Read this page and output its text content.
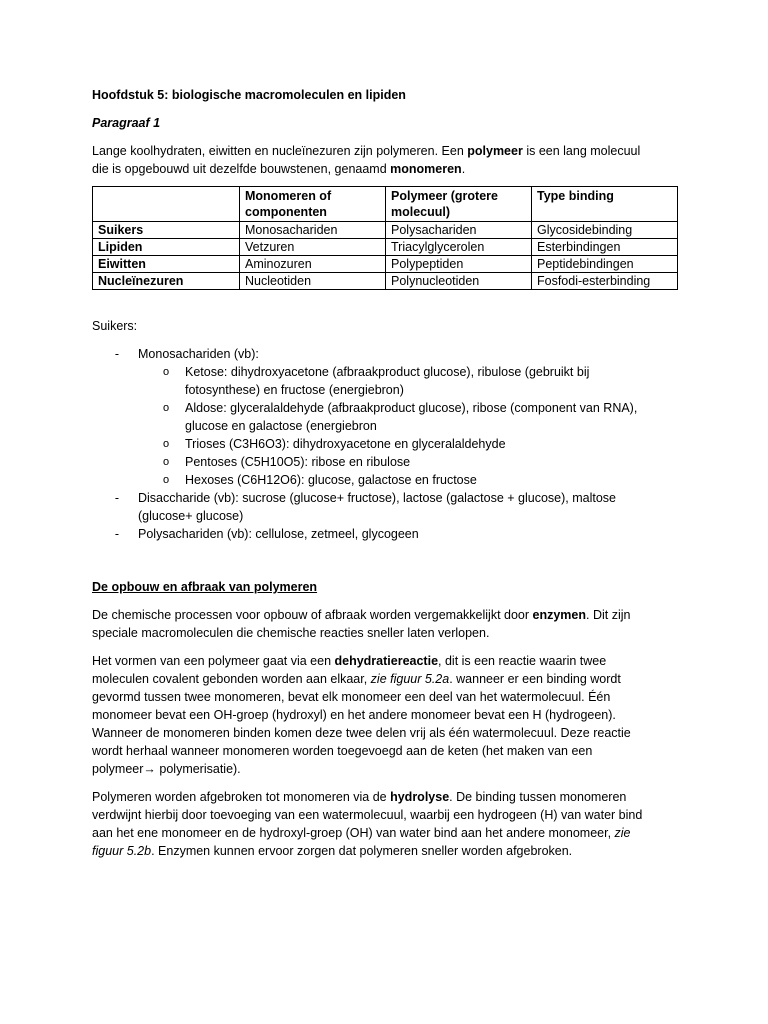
Hoofdstuk 5: biologische macromoleculen en lipiden
Paragraaf 1
Lange koolhydraten, eiwitten en nucleïnezuren zijn polymeren. Een polymeer is een lang molecuul
die is opgebouwd uit dezelfde bouwstenen, genaamd monomeren.
	Monomeren of componenten	Polymeer (grotere molecuul)	Type binding
Suikers	Monosachariden	Polysachariden	Glycosidebinding
Lipiden	Vetzuren	Triacylglycerolen	Esterbindingen
Eiwitten	Aminozuren	Polypeptiden	Peptidebindingen
Nucleïnezuren	Nucleotiden	Polynucleotiden	Fosfodi-esterbinding
Suikers:
- Monosachariden (vb):
o Ketose: dihydroxyacetone (afbraakproduct glucose), ribulose (gebruikt bij
fotosynthese) en fructose (energiebron)
o Aldose: glyceralaldehyde (afbraakproduct glucose), ribose (component van RNA),
glucose en galactose (energiebron
o Trioses (C3H6O3): dihydroxyacetone en glyceralaldehyde
o Pentoses (C5H10O5): ribose en ribulose
o Hexoses (C6H12O6): glucose, galactose en fructose
- Disaccharide (vb): sucrose (glucose+ fructose), lactose (galactose + glucose), maltose
(glucose+ glucose)
- Polysachariden (vb): cellulose, zetmeel, glycogeen
De opbouw en afbraak van polymeren
De chemische processen voor opbouw of afbraak worden vergemakkelijkt door enzymen. Dit zijn
speciale macromoleculen die chemische reacties sneller laten verlopen.
Het vormen van een polymeer gaat via een dehydratiereactie, dit is een reactie waarin twee
moleculen covalent gebonden worden aan elkaar, zie figuur 5.2a. wanneer er een binding wordt
gevormd tussen twee monomeren, bevat elk monomeer een deel van het watermolecuul. Één
monomeer bevat een OH-groep (hydroxyl) en het andere monomeer bevat een H (hydrogeen).
Wanneer de monomeren binden komen deze twee delen vrij als één watermolecuul. Deze reactie
wordt herhaal wanneer monomeren worden toegevoegd aan de keten (het maken van een
polymeer→ polymerisatie).
Polymeren worden afgebroken tot monomeren via de hydrolyse. De binding tussen monomeren
verdwijnt hierbij door toevoeging van een watermolecuul, waarbij een hydrogeen (H) van water bind
aan het ene monomeer en de hydroxyl-groep (OH) van water bind aan het andere monomeer, zie
figuur 5.2b. Enzymen kunnen ervoor zorgen dat polymeren sneller worden afgebroken.
